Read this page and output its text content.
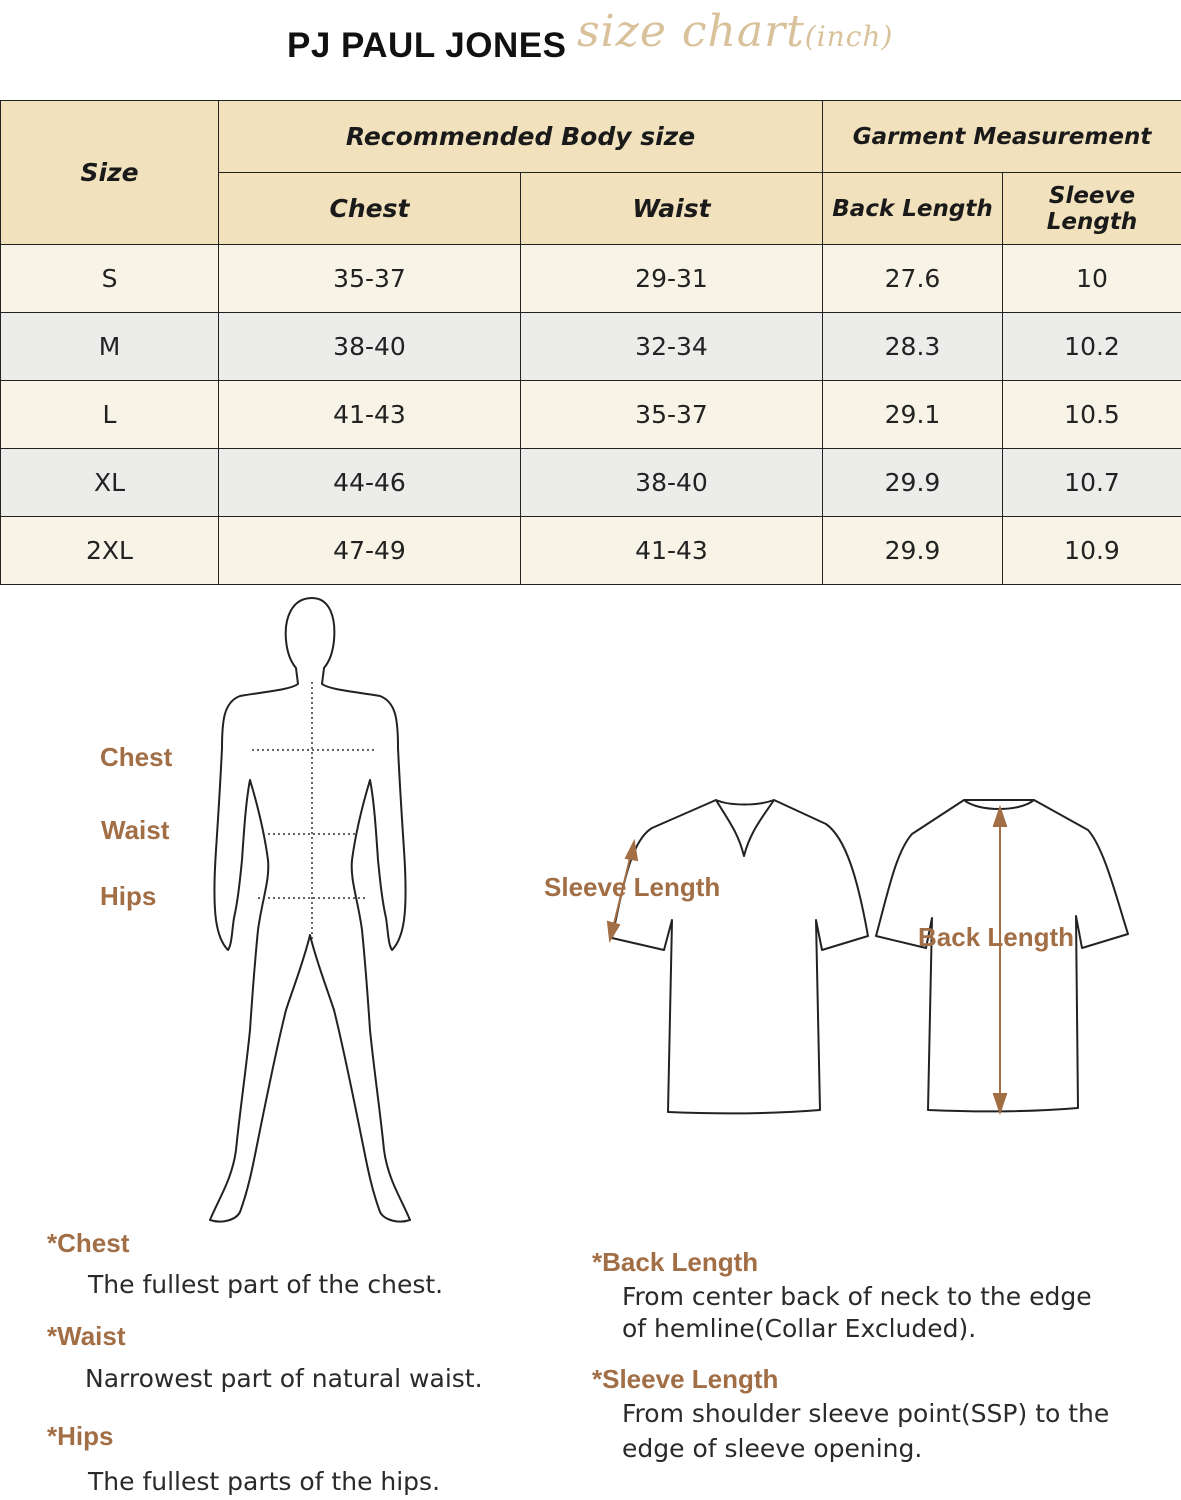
PJ PAUL JONES size chart(inch)
Size	Recommended Body size		Garment Measurement	
	Chest	Waist	Back Length	Sleeve Length
S	35-37	29-31	27.6	10
M	38-40	32-34	28.3	10.2
L	41-43	35-37	29.1	10.5
XL	44-46	38-40	29.9	10.7
2XL	47-49	41-43	29.9	10.9
Chest
Waist
Hips	Sleeve Length
Back Length
*Chest
The fullest part of the chest.
*Waist
Narrowest part of natural waist.
*Hips
The fullest parts of the hips.
*Back Length
From center back of neck to the edge
of hemline(Collar Excluded).
*Sleeve Length
From shoulder sleeve point(SSP) to the
edge of sleeve opening.
